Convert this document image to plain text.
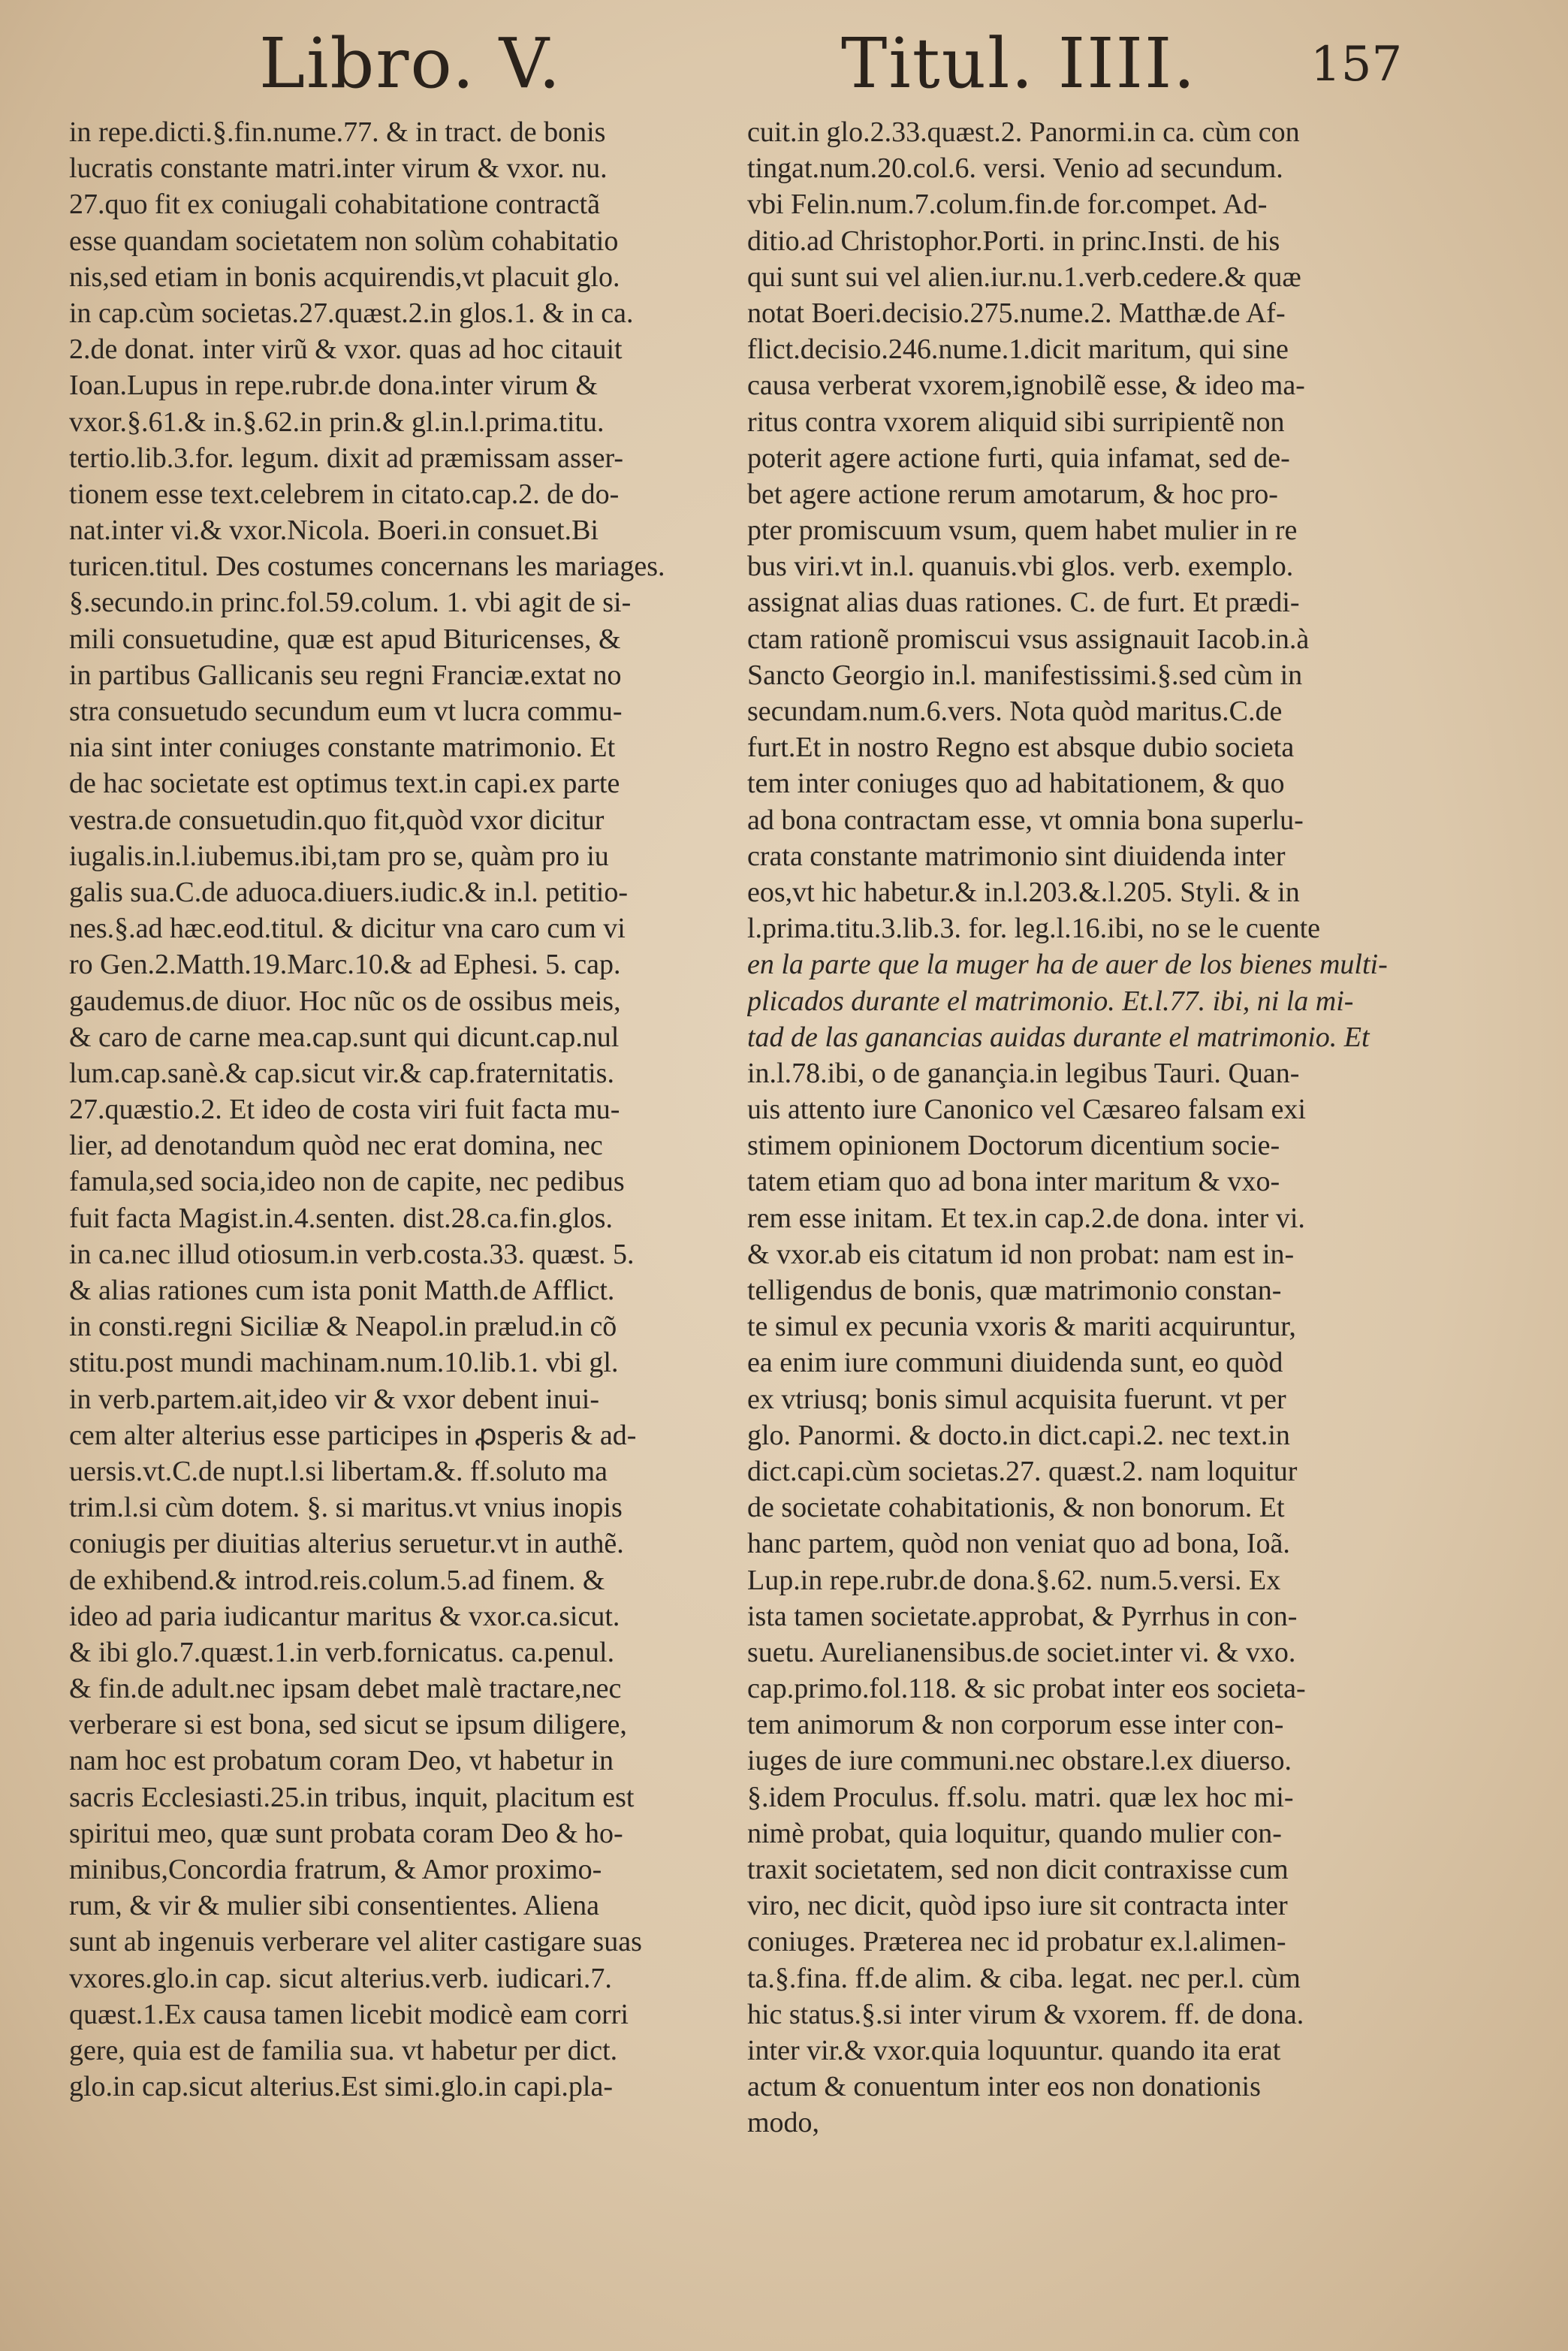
Libro. V.	Titul. IIII. 157
in repe.dicti.§.fin.nume.77. & in tract. de bonis
lucratis constante matri.inter virum & vxor. nu.
27.quo fit ex coniugali cohabitatione contractã
esse quandam societatem non solùm cohabitatio
nis,sed etiam in bonis acquirendis,vt placuit glo.
in cap.cùm societas.27.quæst.2.in glos.1. & in ca.
2.de donat. inter virũ & vxor. quas ad hoc citauit
Ioan.Lupus in repe.rubr.de dona.inter virum &
vxor.§.61.& in.§.62.in prin.& gl.in.l.prima.titu.
tertio.lib.3.for. legum. dixit ad præmissam asser-
tionem esse text.celebrem in citato.cap.2. de do-
nat.inter vi.& vxor.Nicola. Boeri.in consuet.Bi
turicen.titul. Des costumes concernans les mariages.
§.secundo.in princ.fol.59.colum. 1. vbi agit de si-
mili consuetudine, quæ est apud Bituricenses, &
in partibus Gallicanis seu regni Franciæ.extat no
stra consuetudo secundum eum vt lucra commu-
nia sint inter coniuges constante matrimonio. Et
de hac societate est optimus text.in capi.ex parte
vestra.de consuetudin.quo fit,quòd vxor dicitur
iugalis.in.l.iubemus.ibi,tam pro se, quàm pro iu
galis sua.C.de aduoca.diuers.iudic.& in.l. petitio-
nes.§.ad hæc.eod.titul. & dicitur vna caro cum vi
ro Gen.2.Matth.19.Marc.10.& ad Ephesi. 5. cap.
gaudemus.de diuor. Hoc nũc os de ossibus meis,
& caro de carne mea.cap.sunt qui dicunt.cap.nul
lum.cap.sanè.& cap.sicut vir.& cap.fraternitatis.
27.quæstio.2. Et ideo de costa viri fuit facta mu-
lier, ad denotandum quòd nec erat domina, nec
famula,sed socia,ideo non de capite, nec pedibus
fuit facta Magist.in.4.senten. dist.28.ca.fin.glos.
in ca.nec illud otiosum.in verb.costa.33. quæst. 5.
& alias rationes cum ista ponit Matth.de Afflict.
in consti.regni Siciliæ & Neapol.in prælud.in cõ
stitu.post mundi machinam.num.10.lib.1. vbi gl.
in verb.partem.ait,ideo vir & vxor debent inui-
cem alter alterius esse participes in ꝓsperis & ad-
uersis.vt.C.de nupt.l.si libertam.&. ff.soluto ma
trim.l.si cùm dotem. §. si maritus.vt vnius inopis
coniugis per diuitias alterius seruetur.vt in authẽ.
de exhibend.& introd.reis.colum.5.ad finem. &
ideo ad paria iudicantur maritus & vxor.ca.sicut.
& ibi glo.7.quæst.1.in verb.fornicatus. ca.penul.
& fin.de adult.nec ipsam debet malè tractare,nec
verberare si est bona, sed sicut se ipsum diligere,
nam hoc est probatum coram Deo, vt habetur in
sacris Ecclesiasti.25.in tribus, inquit, placitum est
spiritui meo, quæ sunt probata coram Deo & ho-
minibus,Concordia fratrum, & Amor proximo-
rum, & vir & mulier sibi consentientes. Aliena
sunt ab ingenuis verberare vel aliter castigare suas
vxores.glo.in cap. sicut alterius.verb. iudicari.7.
quæst.1.Ex causa tamen licebit modicè eam corri
gere, quia est de familia sua. vt habetur per dict.
glo.in cap.sicut alterius.Est simi.glo.in capi.pla-
cuit.in glo.2.33.quæst.2. Panormi.in ca. cùm con
tingat.num.20.col.6. versi. Venio ad secundum.
vbi Felin.num.7.colum.fin.de for.compet. Ad-
ditio.ad Christophor.Porti. in princ.Insti. de his
qui sunt sui vel alien.iur.nu.1.verb.cedere.& quæ
notat Boeri.decisio.275.nume.2. Matthæ.de Af-
flict.decisio.246.nume.1.dicit maritum, qui sine
causa verberat vxorem,ignobilẽ esse, & ideo ma-
ritus contra vxorem aliquid sibi surripientẽ non
poterit agere actione furti, quia infamat, sed de-
bet agere actione rerum amotarum, & hoc pro-
pter promiscuum vsum, quem habet mulier in re
bus viri.vt in.l. quanuis.vbi glos. verb. exemplo.
assignat alias duas rationes. C. de furt. Et prædi-
ctam rationẽ promiscui vsus assignauit Iacob.in.à
Sancto Georgio in.l. manifestissimi.§.sed cùm in
secundam.num.6.vers. Nota quòd maritus.C.de
furt.Et in nostro Regno est absque dubio societa
tem inter coniuges quo ad habitationem, & quo
ad bona contractam esse, vt omnia bona superlu-
crata constante matrimonio sint diuidenda inter
eos,vt hic habetur.& in.l.203.&.l.205. Styli. & in
l.prima.titu.3.lib.3. for. leg.l.16.ibi, no se le cuente
en la parte que la muger ha de auer de los bienes multi-
plicados durante el matrimonio. Et.l.77. ibi, ni la mi-
tad de las ganancias auidas durante el matrimonio. Et
in.l.78.ibi, o de ganançia.in legibus Tauri. Quan-
uis attento iure Canonico vel Cæsareo falsam exi
stimem opinionem Doctorum dicentium socie-
tatem etiam quo ad bona inter maritum & vxo-
rem esse initam. Et tex.in cap.2.de dona. inter vi.
& vxor.ab eis citatum id non probat: nam est in-
telligendus de bonis, quæ matrimonio constan-
te simul ex pecunia vxoris & mariti acquiruntur,
ea enim iure communi diuidenda sunt, eo quòd
ex vtriusq; bonis simul acquisita fuerunt. vt per
glo. Panormi. & docto.in dict.capi.2. nec text.in
dict.capi.cùm societas.27. quæst.2. nam loquitur
de societate cohabitationis, & non bonorum. Et
hanc partem, quòd non veniat quo ad bona, Ioã.
Lup.in repe.rubr.de dona.§.62. num.5.versi. Ex
ista tamen societate.approbat, & Pyrrhus in con-
suetu. Aurelianensibus.de societ.inter vi. & vxo.
cap.primo.fol.118. & sic probat inter eos societa-
tem animorum & non corporum esse inter con-
iuges de iure communi.nec obstare.l.ex diuerso.
§.idem Proculus. ff.solu. matri. quæ lex hoc mi-
nimè probat, quia loquitur, quando mulier con-
traxit societatem, sed non dicit contraxisse cum
viro, nec dicit, quòd ipso iure sit contracta inter
coniuges. Præterea nec id probatur ex.l.alimen-
ta.§.fina. ff.de alim. & ciba. legat. nec per.l. cùm
hic status.§.si inter virum & vxorem. ff. de dona.
inter vir.& vxor.quia loquuntur. quando ita erat
actum & conuentum inter eos non donationis
modo,
